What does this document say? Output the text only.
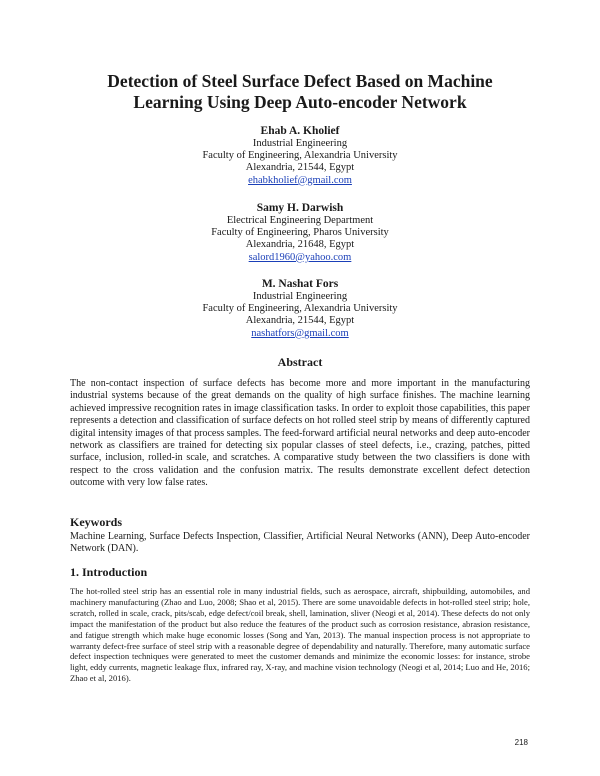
Detection of Steel Surface Defect Based on Machine
Learning Using Deep Auto-encoder Network
Ehab A. Kholief
Industrial Engineering
Faculty of Engineering, Alexandria University
Alexandria, 21544, Egypt
ehabkholief@gmail.com
Samy H. Darwish
Electrical Engineering Department
Faculty of Engineering, Pharos University
Alexandria, 21648, Egypt
salord1960@yahoo.com
M. Nashat Fors
Industrial Engineering
Faculty of Engineering, Alexandria University
Alexandria, 21544, Egypt
nashatfors@gmail.com
Abstract
The non-contact inspection of surface defects has become more and more important in the manufacturing industrial systems because of the great demands on the quality of high surface finishes. The machine learning achieved impressive recognition rates in image classification tasks. In order to exploit those capabilities, this paper represents a detection and classification of surface defects on hot rolled steel strip by means of differently captured digital intensity images of that process samples. The feed-forward artificial neural networks and deep auto-encoder network as classifiers are trained for detecting six popular classes of steel defects, i.e., crazing, patches, pitted surface, inclusion, rolled-in scale, and scratches. A comparative study between the two classifiers is done with respect to the cross validation and the confusion matrix. The results demonstrate excellent defect detection outcome with very low false rates.
Keywords
Machine Learning, Surface Defects Inspection, Classifier, Artificial Neural Networks (ANN), Deep Auto-encoder Network (DAN).
1. Introduction
The hot-rolled steel strip has an essential role in many industrial fields, such as aerospace, aircraft, shipbuilding, automobiles, and machinery manufacturing (Zhao and Luo, 2008; Shao et al, 2015). There are some unavoidable defects in hot-rolled steel strip; hole, scratch, rolled in scale, crack, pits/scab, edge defect/coil break, shell, lamination, sliver (Neogi et al, 2014). These defects do not only impact the manifestation of the product but also reduce the features of the product such as corrosion resistance, abrasion resistance, and fatigue strength which make huge economic losses (Song and Yan, 2013). The manual inspection process is not appropriate to warranty defect-free surface of steel strip with a reasonable degree of dependability and naturally. Therefore, many automatic surface defect inspection techniques were generated to meet the customer demands and minimize the economic losses: for instance, strobe light, eddy currents, magnetic leakage flux, infrared ray, X-ray, and machine vision technology (Neogi et al, 2014; Luo and He, 2016; Zhao et al, 2016).
218
